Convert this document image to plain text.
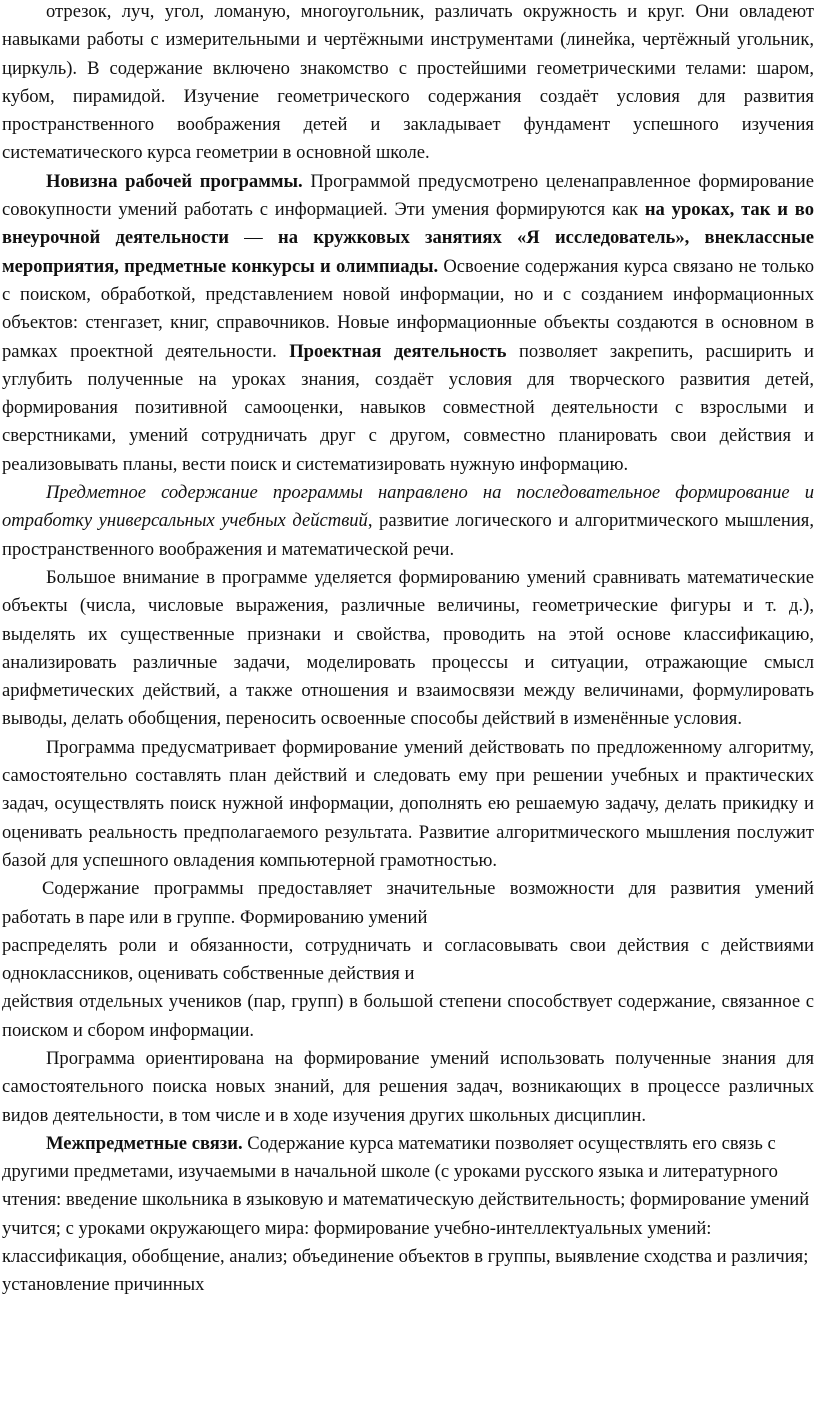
отрезок, луч, угол, ломаную, многоугольник, различать окружность и круг. Они овладеют навыками работы с измерительными и чертёжными инструментами (линейка, чертёжный угольник, циркуль). В содержание включено знакомство с простейшими геометрическими телами: шаром, кубом, пирамидой. Изучение геометрического содержания создаёт условия для развития пространственного воображения детей и закладывает фундамент успешного изучения систематического курса геометрии в основной школе.

Новизна рабочей программы. Программой предусмотрено целенаправленное формирование совокупности умений работать с информацией. Эти умения формируются как на уроках, так и во внеурочной деятельности — на кружковых занятиях «Я исследователь», внеклассные мероприятия, предметные конкурсы и олимпиады. Освоение содержания курса связано не только с поиском, обработкой, представлением новой информации, но и с созданием информационных объектов: стенгазет, книг, справочников. Новые информационные объекты создаются в основном в рамках проектной деятельности. Проектная деятельность позволяет закрепить, расширить и углубить полученные на уроках знания, создаёт условия для творческого развития детей, формирования позитивной самооценки, навыков совместной деятельности с взрослыми и сверстниками, умений сотрудничать друг с другом, совместно планировать свои действия и реализовывать планы, вести поиск и систематизировать нужную информацию.

Предметное содержание программы направлено на последовательное формирование и отработку универсальных учебных действий, развитие логического и алгоритмического мышления, пространственного воображения и математической речи.

Большое внимание в программе уделяется формированию умений сравнивать математические объекты (числа, числовые выражения, различные величины, геометрические фигуры и т. д.), выделять их существенные признаки и свойства, проводить на этой основе классификацию, анализировать различные задачи, моделировать процессы и ситуации, отражающие смысл арифметических действий, а также отношения и взаимосвязи между величинами, формулировать выводы, делать обобщения, переносить освоенные способы действий в изменённые условия.

Программа предусматривает формирование умений действовать по предложенному алгоритму, самостоятельно составлять план действий и следовать ему при решении учебных и практических задач, осуществлять поиск нужной информации, дополнять ею решаемую задачу, делать прикидку и оценивать реальность предполагаемого результата. Развитие алгоритмического мышления послужит базой для успешного овладения компьютерной грамотностью.

Содержание программы предоставляет значительные возможности для развития умений работать в паре или в группе. Формированию умений

распределять роли и обязанности, сотрудничать и согласовывать свои действия с действиями одноклассников, оценивать собственные действия и

действия отдельных учеников (пар, групп) в большой степени способствует содержание, связанное с поиском и сбором информации.

Программа ориентирована на формирование умений использовать полученные знания для самостоятельного поиска новых знаний, для решения задач, возникающих в процессе различных видов деятельности, в том числе и в ходе изучения других школьных дисциплин.

Межпредметные связи. Содержание курса математики позволяет осуществлять его связь с другими предметами, изучаемыми в начальной школе (с уроками русского языка и литературного чтения: введение школьника в языковую и математическую действительность; формирование умений учится; с уроками окружающего мира: формирование учебно-интеллектуальных умений: классификация, обобщение, анализ; объединение объектов в группы, выявление сходства и различия; установление причинных
